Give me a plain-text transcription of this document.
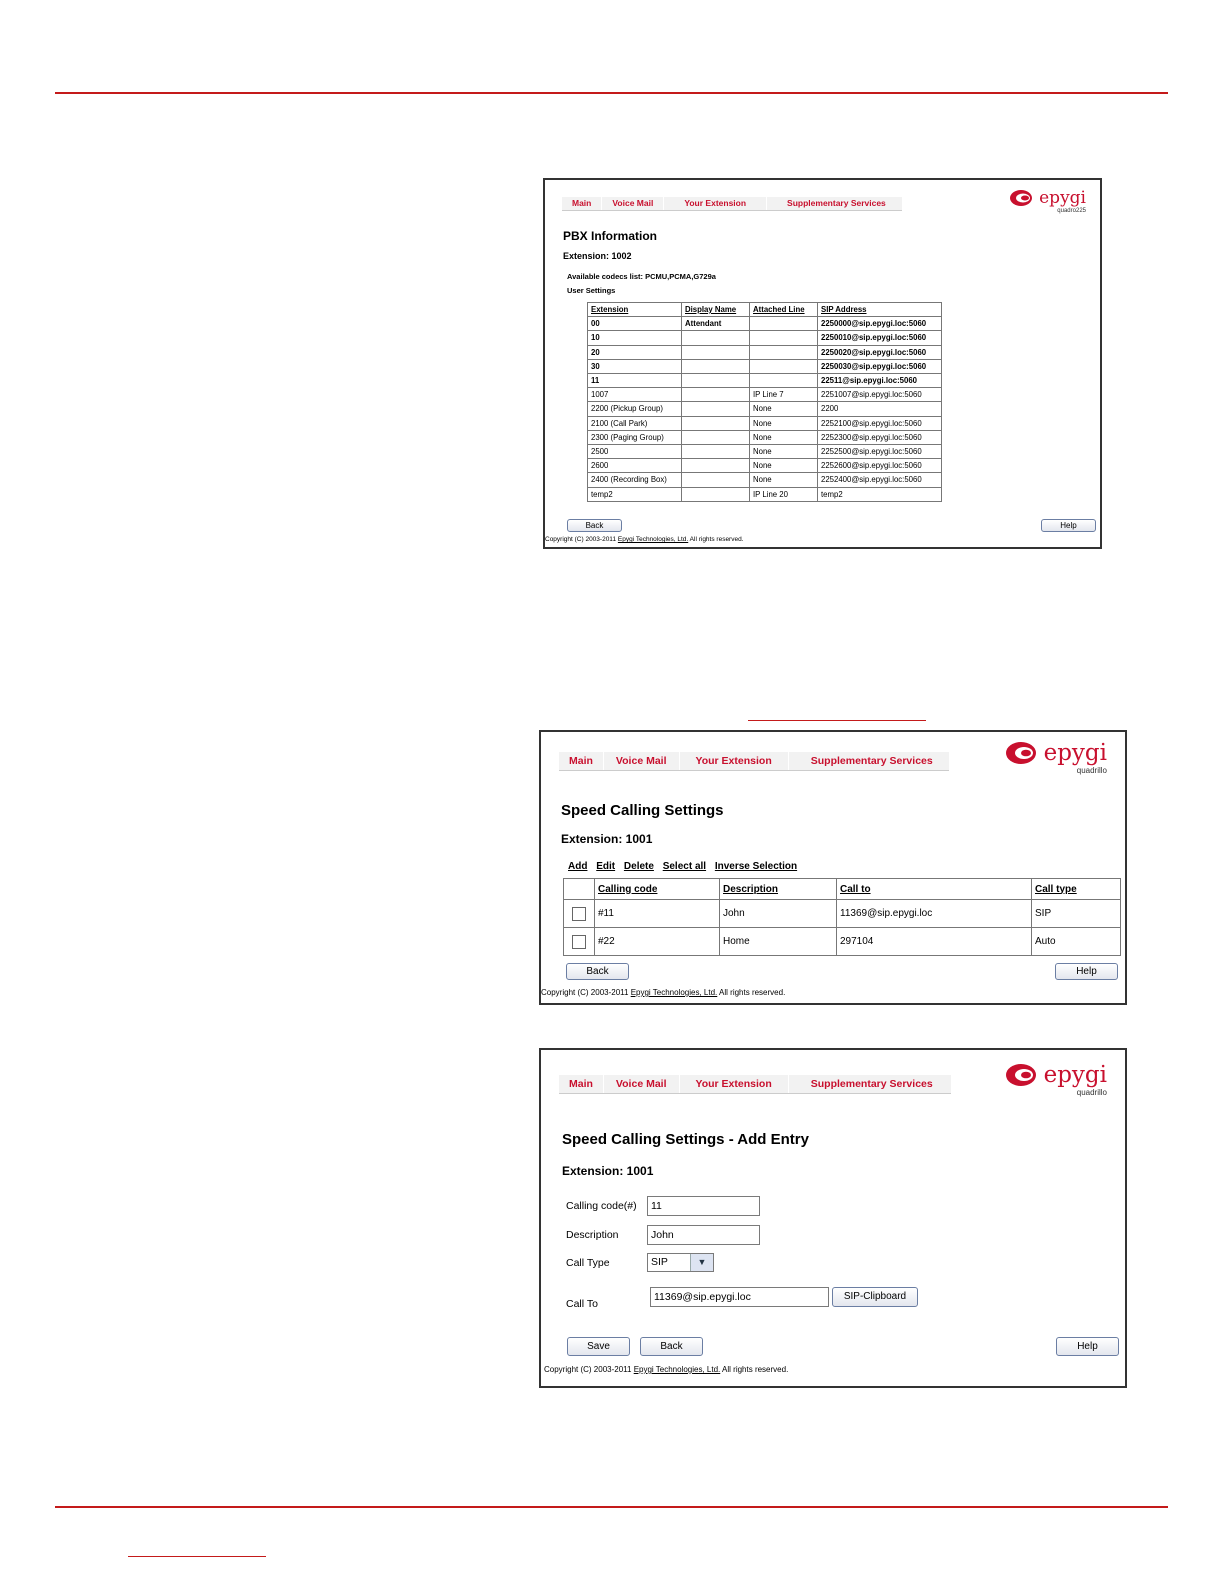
Main	Voice Mail	Your Extension	Supplementary Services	epygi
quadro225
PBX Information
Extension: 1002
Available codecs list: PCMU,PCMA,G729a
User Settings
Extension	Display Name	Attached Line	SIP Address
00	Attendant		2250000@sip.epygi.loc:5060
10			2250010@sip.epygi.loc:5060
20			2250020@sip.epygi.loc:5060
30			2250030@sip.epygi.loc:5060
11			22511@sip.epygi.loc:5060
1007		IP Line 7	2251007@sip.epygi.loc:5060
2200 (Pickup Group)		None	2200
2100 (Call Park)		None	2252100@sip.epygi.loc:5060
2300 (Paging Group)		None	2252300@sip.epygi.loc:5060
2500		None	2252500@sip.epygi.loc:5060
2600		None	2252600@sip.epygi.loc:5060
2400 (Recording Box)		None	2252400@sip.epygi.loc:5060
temp2		IP Line 20	temp2
Back	Help
Copyright (C) 2003-2011 Epygi Technologies, Ltd. All rights reserved.
Main	Voice Mail	Your Extension	Supplementary Services	epygi
quadrillo
Speed Calling Settings
Extension: 1001
Add Edit Delete Select all Inverse Selection
	Calling code	Description	Call to	Call type
	#11	John	11369@sip.epygi.loc	SIP
	#22	Home	297104	Auto
Back	Help
Copyright (C) 2003-2011 Epygi Technologies, Ltd. All rights reserved.
Main	Voice Mail	Your Extension	Supplementary Services	epygi
quadrillo
Speed Calling Settings - Add Entry
Extension: 1001
Calling code(#)	11
Description	John
Call Type	SIP	▼
Call To
11369@sip.epygi.loc	SIP-Clipboard
Save	Back	Help
Copyright (C) 2003-2011 Epygi Technologies, Ltd. All rights reserved.
